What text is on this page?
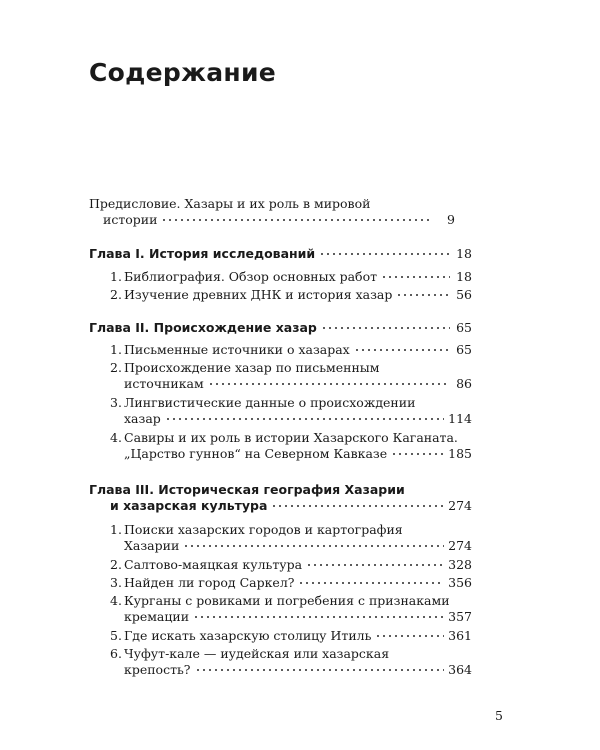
Содержание
Предисловие. Хазары и их роль в мировой
истории	9
Глава I. История исследований	18
1. Библиография. Обзор основных работ	18
2. Изучение древних ДНК и история хазар	56
Глава II. Происхождение хазар	65
1. Письменные источники о хазарах	65
2. Происхождение хазар по письменным
источникам	86
3. Лингвистические данные о происхождении
хазар	114
4. Савиры и их роль в истории Хазарского Каганата.
„Царство гуннов“ на Северном Кавказе	185
Глава III. Историческая география Хазарии
и хазарская культура	274
1. Поиски хазарских городов и картография
Хазарии	274
2. Салтово-маяцкая культура	328
3. Найден ли город Саркел?	356
4. Курганы с ровиками и погребения с признаками
кремации	357
5. Где искать хазарскую столицу Итиль	361
6. Чуфут-кале — иудейская или хазарская
крепость?	364
5
